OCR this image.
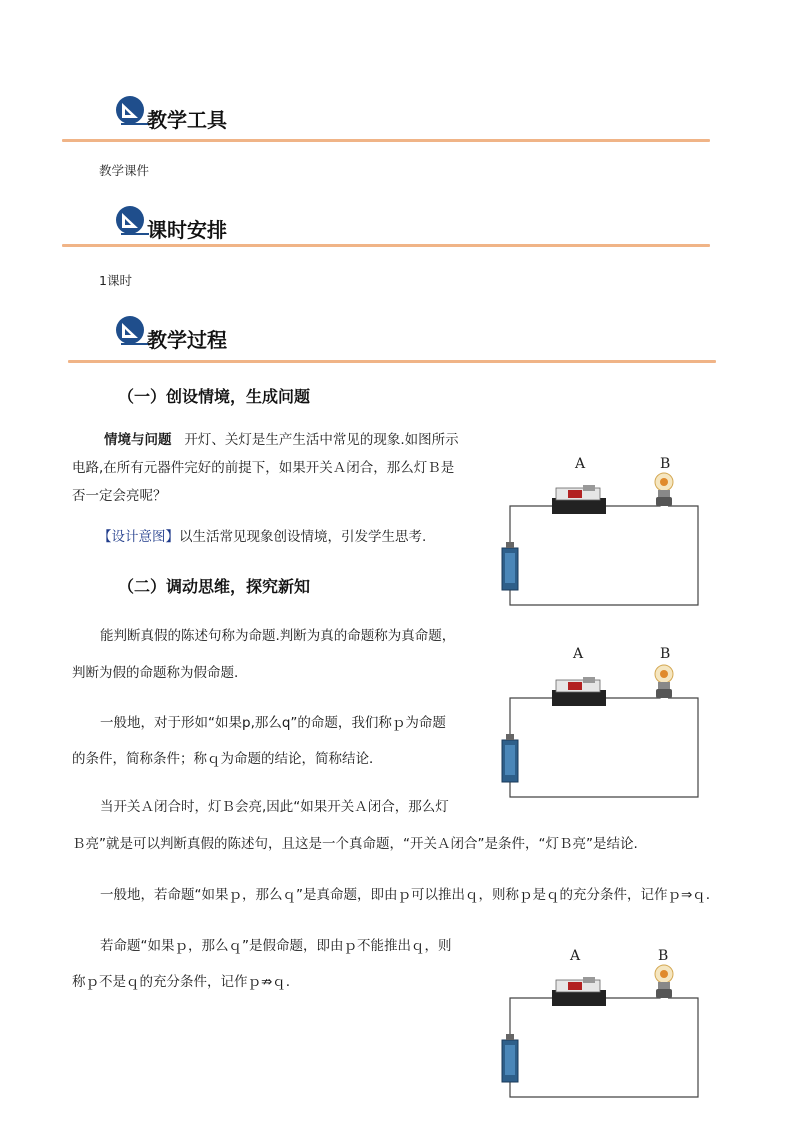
教学工具
教学课件
课时安排
1课时
教学过程
（一）创设情境，生成问题
情境与问题 开灯、关灯是生产生活中常见的现象.如图所示
电路,在所有元器件完好的前提下，如果开关Ａ闭合，那么灯Ｂ是
否一定会亮呢？
【设计意图】以生活常见现象创设情境，引发学生思考.
（二）调动思维，探究新知
能判断真假的陈述句称为命题.判断为真的命题称为真命题，
判断为假的命题称为假命题.
一般地，对于形如“如果p,那么q”的命题，我们称ｐ为命题
的条件，简称条件；称ｑ为命题的结论，简称结论．
当开关Ａ闭合时，灯Ｂ会亮,因此“如果开关Ａ闭合，那么灯
Ｂ亮”就是可以判断真假的陈述句，且这是一个真命题，“开关Ａ闭合”是条件，“灯Ｂ亮”是结论.
一般地，若命题“如果ｐ，那么ｑ”是真命题，即由ｐ可以推出ｑ，则称ｐ是ｑ的充分条件，记作ｐ⇒ｑ.
若命题“如果ｐ，那么ｑ”是假命题，即由ｐ不能推出ｑ，则
称ｐ不是ｑ的充分条件，记作ｐ⇏ｑ.
A	B
A	B
A	B
